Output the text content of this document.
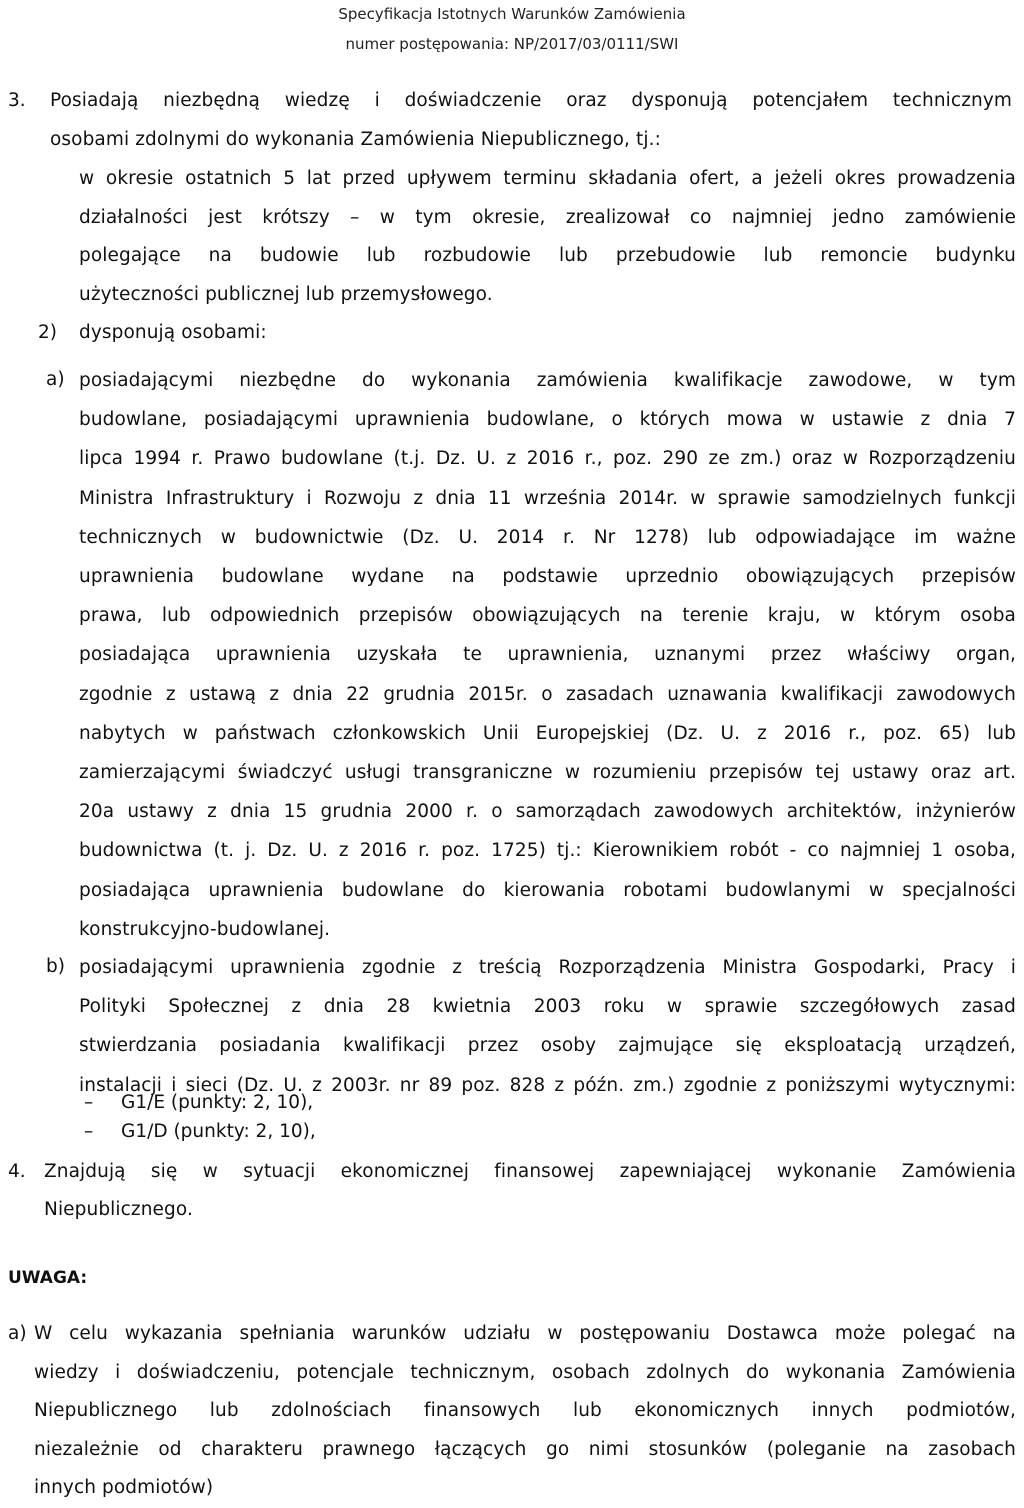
Specyfikacja Istotnych Warunków Zamówienia
numer postępowania: NP/2017/03/0111/SWI
3. Posiadają niezbędną wiedzę i doświadczenie oraz dysponują potencjałem technicznym
osobami zdolnymi do wykonania Zamówienia Niepublicznego, tj.:
w okresie ostatnich 5 lat przed upływem terminu składania ofert, a jeżeli okres prowadzenia
działalności jest krótszy – w tym okresie, zrealizował co najmniej jedno zamówienie
polegające na budowie lub rozbudowie lub przebudowie lub remoncie budynku
użyteczności publicznej lub przemysłowego.
2) dysponują osobami:
a) posiadającymi niezbędne do wykonania zamówienia kwalifikacje zawodowe, w tym
budowlane, posiadającymi uprawnienia budowlane, o których mowa w ustawie z dnia 7
lipca 1994 r. Prawo budowlane (t.j. Dz. U. z 2016 r., poz. 290 ze zm.) oraz w Rozporządzeniu
Ministra Infrastruktury i Rozwoju z dnia 11 września 2014r. w sprawie samodzielnych funkcji
technicznych w budownictwie (Dz. U. 2014 r. Nr 1278) lub odpowiadające im ważne
uprawnienia budowlane wydane na podstawie uprzednio obowiązujących przepisów
prawa, lub odpowiednich przepisów obowiązujących na terenie kraju, w którym osoba
posiadająca uprawnienia uzyskała te uprawnienia, uznanymi przez właściwy organ,
zgodnie z ustawą z dnia 22 grudnia 2015r. o zasadach uznawania kwalifikacji zawodowych
nabytych w państwach członkowskich Unii Europejskiej (Dz. U. z 2016 r., poz. 65) lub
zamierzającymi świadczyć usługi transgraniczne w rozumieniu przepisów tej ustawy oraz art.
20a ustawy z dnia 15 grudnia 2000 r. o samorządach zawodowych architektów, inżynierów
budownictwa (t. j. Dz. U. z 2016 r. poz. 1725) tj.: Kierownikiem robót - co najmniej 1 osoba,
posiadająca uprawnienia budowlane do kierowania robotami budowlanymi w specjalności
konstrukcyjno-budowlanej.
b) posiadającymi uprawnienia zgodnie z treścią Rozporządzenia Ministra Gospodarki, Pracy i
Polityki Społecznej z dnia 28 kwietnia 2003 roku w sprawie szczegółowych zasad
stwierdzania posiadania kwalifikacji przez osoby zajmujące się eksploatacją urządzeń,
instalacji i sieci (Dz. U. z 2003r. nr 89 poz. 828 z późn. zm.) zgodnie z poniższymi wytycznymi:
– G1/E (punkty: 2, 10),
– G1/D (punkty: 2, 10),
4. Znajdują się w sytuacji ekonomicznej finansowej zapewniającej wykonanie Zamówienia
Niepublicznego.
UWAGA:
a) W celu wykazania spełniania warunków udziału w postępowaniu Dostawca może polegać na
wiedzy i doświadczeniu, potencjale technicznym, osobach zdolnych do wykonania Zamówienia
Niepublicznego lub zdolnościach finansowych lub ekonomicznych innych podmiotów,
niezależnie od charakteru prawnego łączących go nimi stosunków (poleganie na zasobach
innych podmiotów)
